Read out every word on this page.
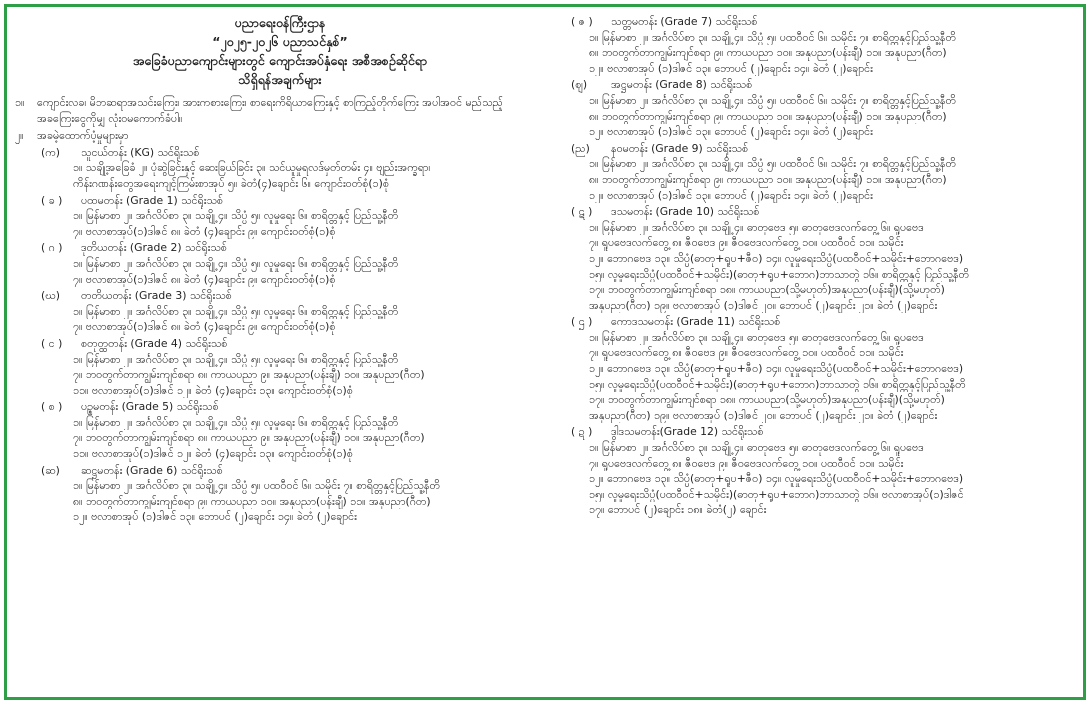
ပညာရေးဝန်ကြီးဌာန
“၂၀၂၅-၂၀၂၆ ပညာသင်နှစ်”
အခြေခံပညာကျောင်းများတွင် ကျောင်းအပ်နှံရေး အစီအစဉ်ဆိုင်ရာ
သိရှိရန်အချက်များ
၁။	ကျောင်းလခ၊ မိဘဆရာအသင်းကြေး၊ အားကစားကြေး၊ စာရေးကိရိယာကြေးနှင့် စာကြည့်တိုက်ကြေး အပါအဝင် မည်သည့်အခကြေးငွေကိုမျှ လုံးဝမကောက်ခံပါ။
၂။	အခမဲ့ထောက်ပံ့မှုများမှာ
(က) သူငယ်တန်း (KG) သင်ရိုးသစ်
၁။ သချို့အခြေခံ ၂။ ပုံဆွဲခြင်းနှင့် ဆေးခြယ်ခြင်း ၃။ သင်ယူမှုရလဒ်မှတ်တမ်း ၄။ ဗျည်းအက္ခရာ၊
ကိန်းဂဏန်းတွေအရေးကျင့်ကြမ်းစာအုပ် ၅။ ခဲတံ(၄)ချောင်း ၆။ ကျောင်းဝတ်စုံ(၁)စုံ
( ခ ) ပထမတန်း (Grade 1) သင်ရိုးသစ်
၁။ မြန်မာစာ ၂။ အင်္ဂလိပ်စာ ၃။ သချို့ ၄။ သိပ္ပံ ၅။ လူမှုရေး ၆။ စာရိတ္တနှင့် ပြည်သူ့နီတိ
၇။ ဗလာစာအုပ်(၁)ဒါဇင် ၈။ ခဲတံ (၄)ချောင်း ၉။ ကျောင်းဝတ်စုံ(၁)စုံ
( ဂ ) ဒုတိယတန်း (Grade 2) သင်ရိုးသစ်
၁။ မြန်မာစာ ၂။ အင်္ဂလိပ်စာ ၃။ သချို့ ၄။ သိပ္ပံ ၅။ လူမှုရေး ၆။ စာရိတ္တနှင့် ပြည်သူ့နီတိ
၇။ ဗလာစာအုပ်(၁)ဒါဇင် ၈။ ခဲတံ (၄)ချောင်း ၉။ ကျောင်းဝတ်စုံ(၁)စုံ
(ဃ) တတိယတန်း (Grade 3) သင်ရိုးသစ်
၁။ မြန်မာစာ ၂။ အင်္ဂလိပ်စာ ၃။ သချို့ ၄။ သိပ္ပံ ၅။ လူမှုရေး ၆။ စာရိတ္တနှင့် ပြည်သူ့နီတိ
၇။ ဗလာစာအုပ်(၁)ဒါဇင် ၈။ ခဲတံ (၄)ချောင်း ၉။ ကျောင်းဝတ်စုံ(၁)စုံ
( င ) စတုတ္ထတန်း (Grade 4) သင်ရိုးသစ်
၁။ မြန်မာစာ ၂။ အင်္ဂလိပ်စာ ၃။ သချို့ ၄။ သိပ္ပံ ၅။ လူမှုရေး ၆။ စာရိတ္တနှင့် ပြည်သူ့နီတိ
၇။ ဘဝတွက်တာကျွမ်းကျင်စရာ ၈။ ကာယပညာ ၉။ အနုပညာ(ပန်းချီ) ၁၀။ အနုပညာ(ဂီတ)
၁၁။ ဗလာစာအုပ်(၁)ဒါဇင် ၁၂။ ခဲတံ (၄)ချောင်း ၁၃။ ကျောင်းဝတ်စုံ(၁)စုံ
( စ ) ပဥ္စမတန်း (Grade 5) သင်ရိုးသစ်
၁။ မြန်မာစာ ၂။ အင်္ဂလိပ်စာ ၃။ သချို့ ၄။ သိပ္ပံ ၅။ လူမှုရေး ၆။ စာရိတ္တနှင့် ပြည်သူ့နီတိ
၇။ ဘဝတွက်တာကျွမ်းကျင်စရာ ၈။ ကာယပညာ ၉။ အနုပညာ(ပန်းချီ) ၁၀။ အနုပညာ(ဂီတ)
၁၁။ ဗလာစာအုပ်(၁)ဒါဇင် ၁၂။ ခဲတံ (၄)ချောင်း ၁၃။ ကျောင်းဝတ်စုံ(၁)စုံ
(ဆ) ဆဋ္ဌမတန်း (Grade 6) သင်ရိုးသစ်
၁။ မြန်မာစာ ၂။ အင်္ဂလိပ်စာ ၃။ သချို့ ၄။ သိပ္ပံ ၅။ ပထဝီဝင် ၆။ သမိုင်း ၇။ စာရိတ္တနှင့်ပြည်သူ့နီတိ
၈။ ဘဝတွက်တာကျွမ်းကျင်စရာ ၉။ ကာယပညာ ၁၀။ အနုပညာ(ပန်းချီ) ၁၁။ အနုပညာ(ဂီတ)
၁၂။ ဗလာစာအုပ် (၁)ဒါဇင် ၁၃။ ဘောပင် (၂)ချောင်း ၁၄။ ခဲတံ (၂)ချောင်း
( ဇ ) သတ္တမတန်း (Grade 7) သင်ရိုးသစ်
၁။ မြန်မာစာ ၂။ အင်္ဂလိပ်စာ ၃။ သချို့ ၄။ သိပ္ပံ ၅။ ပထဝီဝင် ၆။ သမိုင်း ၇။ စာရိတ္တနှင့်ပြည်သူ့နီတိ
၈။ ဘဝတွက်တာကျွမ်းကျင်စရာ ၉။ ကာယပညာ ၁၀။ အနုပညာ(ပန်းချီ) ၁၁။ အနုပညာ(ဂီတ)
၁၂။ ဗလာစာအုပ် (၁)ဒါဇင် ၁၃။ ဘောပင် (၂)ချောင်း ၁၄။ ခဲတံ (၂)ချောင်း
(ဈ) အဋ္ဌမတန်း (Grade 8) သင်ရိုးသစ်
၁။ မြန်မာစာ ၂။ အင်္ဂလိပ်စာ ၃။ သချို့ ၄။ သိပ္ပံ ၅။ ပထဝီဝင် ၆။ သမိုင်း ၇။ စာရိတ္တနှင့်ပြည်သူ့နီတိ
၈။ ဘဝတွက်တာကျွမ်းကျင်စရာ ၉။ ကာယပညာ ၁၀။ အနုပညာ(ပန်းချီ) ၁၁။ အနုပညာ(ဂီတ)
၁၂။ ဗလာစာအုပ် (၁)ဒါဇင် ၁၃။ ဘောပင် (၂)ချောင်း ၁၄။ ခဲတံ (၂)ချောင်း
(ည) နဝမတန်း (Grade 9) သင်ရိုးသစ်
၁။ မြန်မာစာ ၂။ အင်္ဂလိပ်စာ ၃။ သချို့ ၄။ သိပ္ပံ ၅။ ပထဝီဝင် ၆။ သမိုင်း ၇။ စာရိတ္တနှင့်ပြည်သူ့နီတိ
၈။ ဘဝတွက်တာကျွမ်းကျင်စရာ ၉။ ကာယပညာ ၁၀။ အနုပညာ(ပန်းချီ) ၁၁။ အနုပညာ(ဂီတ)
၁၂။ ဗလာစာအုပ် (၁)ဒါဇင် ၁၃။ ဘောပင် (၂)ချောင်း ၁၄။ ခဲတံ (၂)ချောင်း
( ဋ ) ဒသမတန်း (Grade 10) သင်ရိုးသစ်
၁။ မြန်မာစာ ၂။ အင်္ဂလိပ်စာ ၃။ သချို့ ၄။ ဓာတုဗေဒ ၅။ ဓာတုဗေဒလက်တွေ့ ၆။ ရူပဗေဒ
၇။ ရူပဗေဒလက်တွေ့ ၈။ ဇီဝဗေဒ ၉။ ဇီဝဗေဒလက်တွေ့ ၁၀။ ပထဝီဝင် ၁၁။ သမိုင်း
၁၂။ ဘောဂဗေဒ ၁၃။ သိပ္ပံ(ဓာတု+ရူပ+ဇီဝ) ၁၄။ လူမှုရေးသိပ္ပံ(ပထဝီဝင်+သမိုင်း+ဘောဂဗေဒ)
၁၅။ လူမှုရေးသိပ္ပံ(ပထဝီဝင်+သမိုင်း)(ဓာတု+ရူပ+ဘောဂ)ဘာသာတွဲ ၁၆။ စာရိတ္တနှင့် ပြည်သူ့နီတိ
၁၇။ ဘဝတွက်တာကျွမ်းကျင်စရာ ၁၈။ ကာယပညာ(သို့မဟုတ်)အနုပညာ(ပန်းချီ)(သို့မဟုတ်)
အနုပညာ(ဂီတ) ၁၉။ ဗလာစာအုပ် (၁)ဒါဇင် ၂၀။ ဘောပင် (၂)ချောင်း ၂၁။ ခဲတံ (၂)ချောင်း
( ဌ ) ကောဒသမတန်း (Grade 11) သင်ရိုးသစ်
၁။ မြန်မာစာ ၂။ အင်္ဂလိပ်စာ ၃။ သချို့ ၄။ ဓာတုဗေဒ ၅။ ဓာတုဗေဒလက်တွေ့ ၆။ ရူပဗေဒ
၇။ ရူပဗေဒလက်တွေ့ ၈။ ဇီဝဗေဒ ၉။ ဇီဝဗေဒလက်တွေ့ ၁၀။ ပထဝီဝင် ၁၁။ သမိုင်း
၁၂။ ဘောဂဗေဒ ၁၃။ သိပ္ပံ(ဓာတု+ရူပ+ဇီဝ) ၁၄။ လူမှုရေးသိပ္ပံ(ပထဝီဝင်+သမိုင်း+ဘောဂဗေဒ)
၁၅။ လူမှုရေးသိပ္ပံ(ပထဝီဝင်+သမိုင်း)(ဓာတု+ရူပ+ဘောဂ)ဘာသာတွဲ ၁၆။ စာရိတ္တနှင့်ပြည်သူ့နီတိ
၁၇။ ဘဝတွက်တာကျွမ်းကျင်စရာ ၁၈။ ကာယပညာ(သို့မဟုတ်)အနုပညာ(ပန်းချီ)(သို့မဟုတ်)
အနုပညာ(ဂီတ) ၁၉။ ဗလာစာအုပ် (၁)ဒါဇင် ၂၀။ ဘောပင် (၂)ချောင်း ၂၁။ ခဲတံ (၂)ချောင်း
( ဍ ) ဒွါဒသမတန်း(Grade 12) သင်ရိုးသစ်
၁။ မြန်မာစာ ၂။ အင်္ဂလိပ်စာ ၃။ သချို့ ၄။ ဓာတုဗေဒ ၅။ ဓာတုဗေဒလက်တွေ့ ၆။ ရူပဗေဒ
၇။ ရူပဗေဒလက်တွေ့ ၈။ ဇီဝဗေဒ ၉။ ဇီဝဗေဒလက်တွေ့ ၁၀။ ပထဝီဝင် ၁၁။ သမိုင်း
၁၂။ ဘောဂဗေဒ ၁၃။ သိပ္ပံ(ဓာတု+ရူပ+ဇီဝ) ၁၄။ လူမှုရေးသိပ္ပံ(ပထဝီဝင်+သမိုင်း+ဘောဂဗေဒ)
၁၅။ လူမှုရေးသိပ္ပံ(ပထဝီဝင်+သမိုင်း)(ဓာတု+ရူပ+ဘောဂ)ဘာသာတွဲ ၁၆။ ဗလာစာအုပ်(၁)ဒါဇင်
၁၇။ ဘောပင် (၂)ချောင်း ၁၈။ ခဲတံ(၂) ချောင်း
